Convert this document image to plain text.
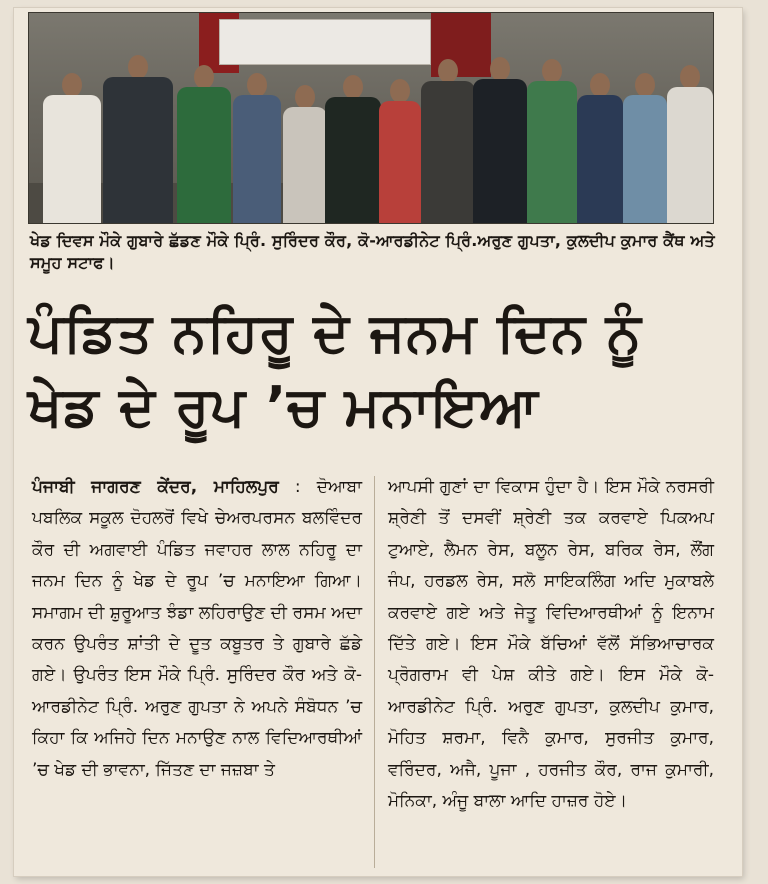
ਖੇਡ ਦਿਵਸ ਮੌਕੇ ਗੁਬਾਰੇ ਛੱਡਣ ਮੌਕੇ ਪ੍ਰਿੰ. ਸੁਰਿੰਦਰ ਕੌਰ, ਕੋ-ਆਰਡੀਨੇਟ ਪ੍ਰਿੰ.ਅਰੁਣ ਗੁਪਤਾ, ਕੁਲਦੀਪ ਕੁਮਾਰ ਕੈਂਥ ਅਤੇ ਸਮੂਹ ਸਟਾਫ।
ਪੰਡਿਤ ਨਹਿਰੂ ਦੇ ਜਨਮ ਦਿਨ ਨੂੰ
ਖੇਡ ਦੇ ਰੂਪ ’ਚ ਮਨਾਇਆ
ਪੰਜਾਬੀ ਜਾਗਰਣ ਕੇਂਦਰ, ਮਾਹਿਲਪੁਰ : ਦੋਆਬਾ ਪਬਲਿਕ ਸਕੂਲ ਦੋਹਲਰੋਂ ਵਿਖੇ ਚੇਅਰਪਰਸਨ ਬਲਵਿੰਦਰ ਕੌਰ ਦੀ ਅਗਵਾਈ ਪੰਡਿਤ ਜਵਾਹਰ ਲਾਲ ਨਹਿਰੂ ਦਾ ਜਨਮ ਦਿਨ ਨੂੰ ਖੇਡ ਦੇ ਰੂਪ ’ਚ ਮਨਾਇਆ ਗਿਆ। ਸਮਾਗਮ ਦੀ ਸ਼ੁਰੂਆਤ ਝੰਡਾ ਲਹਿਰਾਉਣ ਦੀ ਰਸਮ ਅਦਾ ਕਰਨ ਉਪਰੰਤ ਸ਼ਾਂਤੀ ਦੇ ਦੂਤ ਕਬੂਤਰ ਤੇ ਗੁਬਾਰੇ ਛੱਡੇ ਗਏ। ਉਪਰੰਤ ਇਸ ਮੌਕੇ ਪ੍ਰਿੰ. ਸੁਰਿੰਦਰ ਕੌਰ ਅਤੇ ਕੋ-ਆਰਡੀਨੇਟ ਪ੍ਰਿੰ. ਅਰੁਣ ਗੁਪਤਾ ਨੇ ਅਪਨੇ ਸੰਬੋਧਨ ’ਚ ਕਿਹਾ ਕਿ ਅਜਿਹੇ ਦਿਨ ਮਨਾਉਣ ਨਾਲ ਵਿਦਿਆਰਥੀਆਂ ’ਚ ਖੇਡ ਦੀ ਭਾਵਨਾ, ਜਿੱਤਣ ਦਾ ਜਜ਼ਬਾ ਤੇ
ਆਪਸੀ ਗੁਣਾਂ ਦਾ ਵਿਕਾਸ ਹੁੰਦਾ ਹੈ। ਇਸ ਮੌਕੇ ਨਰਸਰੀ ਸ਼੍ਰੇਣੀ ਤੋਂ ਦਸਵੀਂ ਸ਼੍ਰੇਣੀ ਤਕ ਕਰਵਾਏ ਪਿਕਅਪ ਟੁਆਏ, ਲੈਮਨ ਰੇਸ, ਬਲੂਨ ਰੇਸ, ਬਰਿਕ ਰੇਸ, ਲੌਂਗ ਜੰਪ, ਹਰਡਲ ਰੇਸ, ਸਲੋ ਸਾਇਕਲਿੰਗ ਅਦਿ ਮੁਕਾਬਲੇ ਕਰਵਾਏ ਗਏ ਅਤੇ ਜੇਤੂ ਵਿਦਿਆਰਥੀਆਂ ਨੂੰ ਇਨਾਮ ਦਿੱਤੇ ਗਏ। ਇਸ ਮੌਕੇ ਬੱਚਿਆਂ ਵੱਲੋਂ ਸੱਭਿਆਚਾਰਕ ਪ੍ਰੋਗਰਾਮ ਵੀ ਪੇਸ਼ ਕੀਤੇ ਗਏ। ਇਸ ਮੌਕੇ ਕੋ-ਆਰਡੀਨੇਟ ਪ੍ਰਿੰ. ਅਰੁਣ ਗੁਪਤਾ, ਕੁਲਦੀਪ ਕੁਮਾਰ, ਮੋਹਿਤ ਸ਼ਰਮਾ, ਵਿਨੈ ਕੁਮਾਰ, ਸੁਰਜੀਤ ਕੁਮਾਰ, ਵਰਿੰਦਰ, ਅਜੈ, ਪੂਜਾ , ਹਰਜੀਤ ਕੌਰ, ਰਾਜ ਕੁਮਾਰੀ, ਮੋਨਿਕਾ, ਅੰਜੂ ਬਾਲਾ ਆਦਿ ਹਾਜ਼ਰ ਹੋਏ।
